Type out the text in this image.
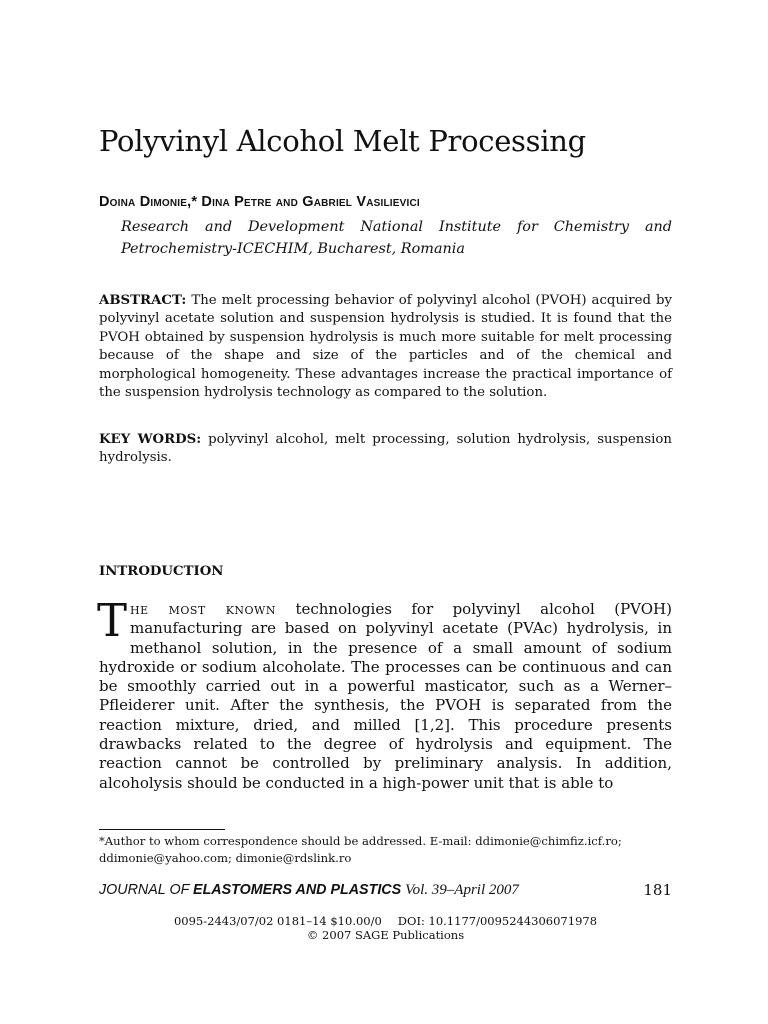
Polyvinyl Alcohol Melt Processing
Doina Dimonie,* Dina Petre and Gabriel Vasilievici
Research and Development National Institute for Chemistry and Petrochemistry-ICECHIM, Bucharest, Romania

ABSTRACT: The melt processing behavior of polyvinyl alcohol (PVOH) acquired by polyvinyl acetate solution and suspension hydrolysis is studied. It is found that the PVOH obtained by suspension hydrolysis is much more suitable for melt processing because of the shape and size of the particles and of the chemical and morphological homogeneity. These advantages increase the practical importance of the suspension hydrolysis technology as compared to the solution.

KEY WORDS: polyvinyl alcohol, melt processing, solution hydrolysis, suspension hydrolysis.

INTRODUCTION

The most known technologies for polyvinyl alcohol (PVOH) manufacturing are based on polyvinyl acetate (PVAc) hydrolysis, in methanol solution, in the presence of a small amount of sodium hydroxide or sodium alcoholate. The processes can be continuous and can be smoothly carried out in a powerful masticator, such as a Werner–Pfleiderer unit. After the synthesis, the PVOH is separated from the reaction mixture, dried, and milled [1,2]. This procedure presents drawbacks related to the degree of hydrolysis and equipment. The reaction cannot be controlled by preliminary analysis. In addition, alcoholysis should be conducted in a high-power unit that is able to

*Author to whom correspondence should be addressed. E-mail: ddimonie@chimfiz.icf.ro; ddimonie@yahoo.com; dimonie@rdslink.ro

JOURNAL OF ELASTOMERS AND PLASTICS Vol. 39–April 2007	181
0095-2443/07/02 0181–14 $10.00/0 DOI: 10.1177/0095244306071978
© 2007 SAGE Publications
